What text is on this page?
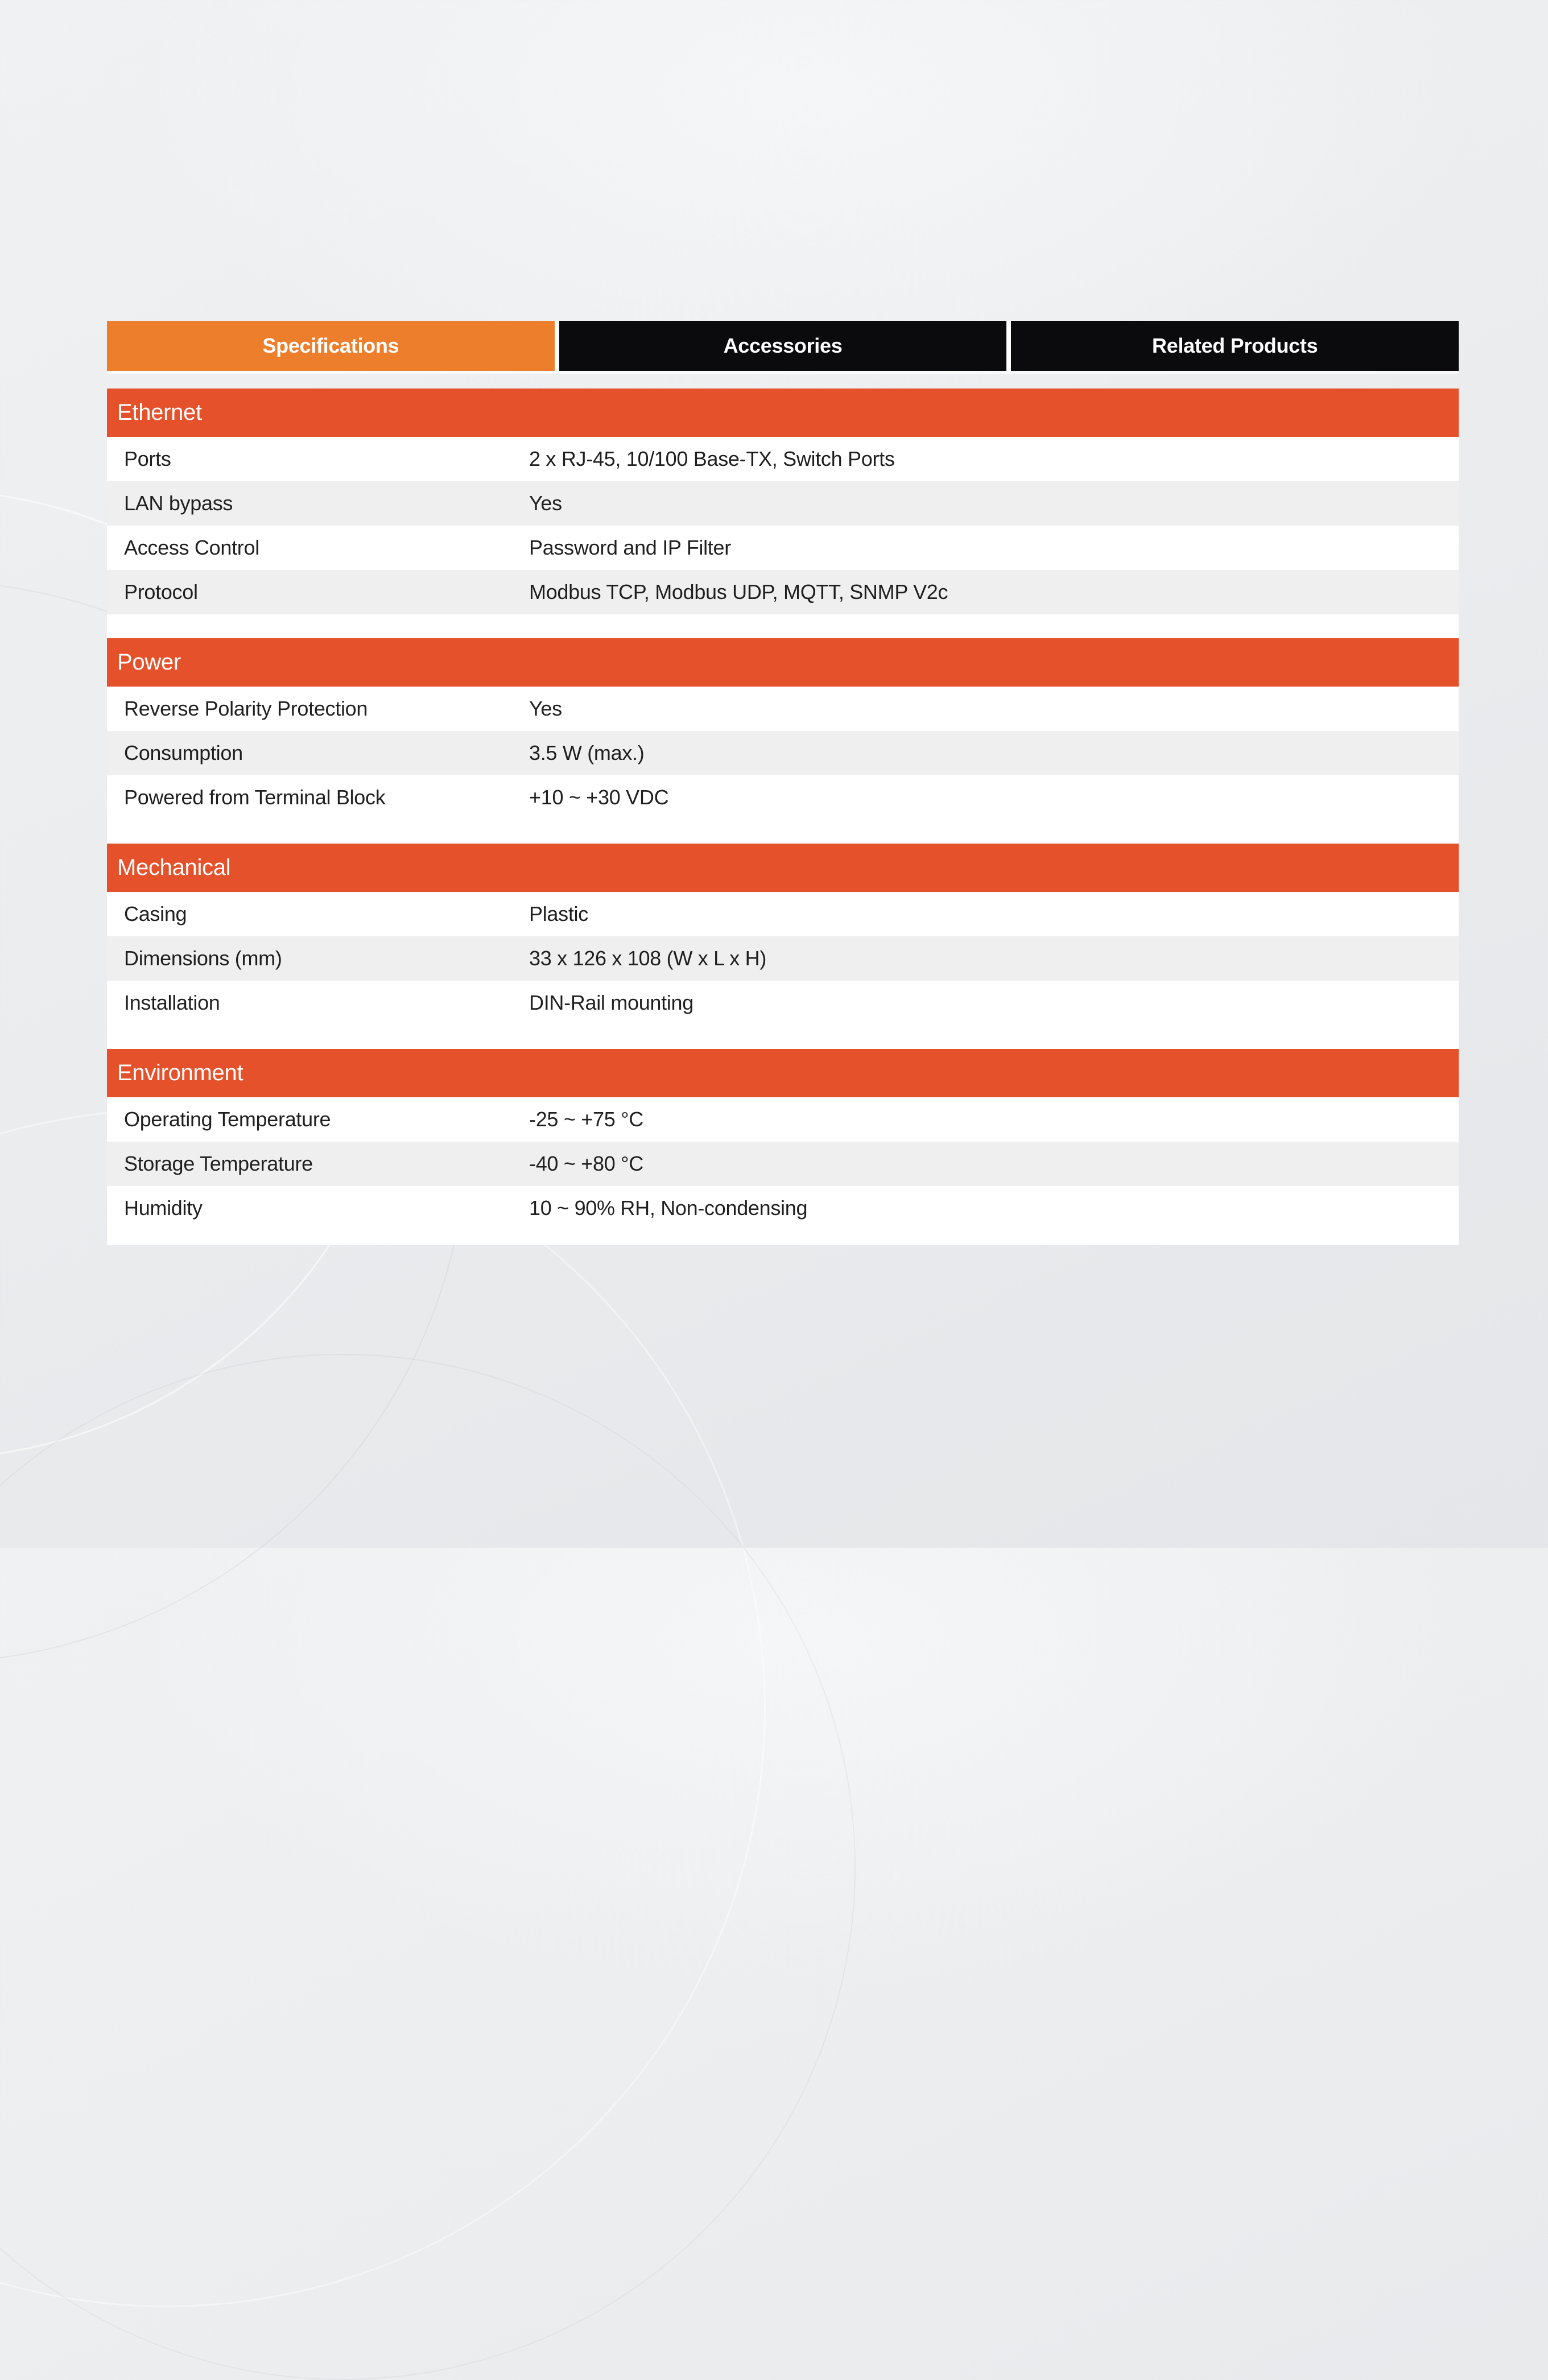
Specifications	Accessories	Related Products
Ethernet
Ports	2 x RJ-45, 10/100 Base-TX, Switch Ports
LAN bypass	Yes
Access Control	Password and IP Filter
Protocol	Modbus TCP, Modbus UDP, MQTT, SNMP V2c
Power
Reverse Polarity Protection	Yes
Consumption	3.5 W (max.)
Powered from Terminal Block	+10 ~ +30 VDC
Mechanical
Casing	Plastic
Dimensions (mm)	33 x 126 x 108 (W x L x H)
Installation	DIN-Rail mounting
Environment
Operating Temperature	-25 ~ +75 °C
Storage Temperature	-40 ~ +80 °C
Humidity	10 ~ 90% RH, Non-condensing
